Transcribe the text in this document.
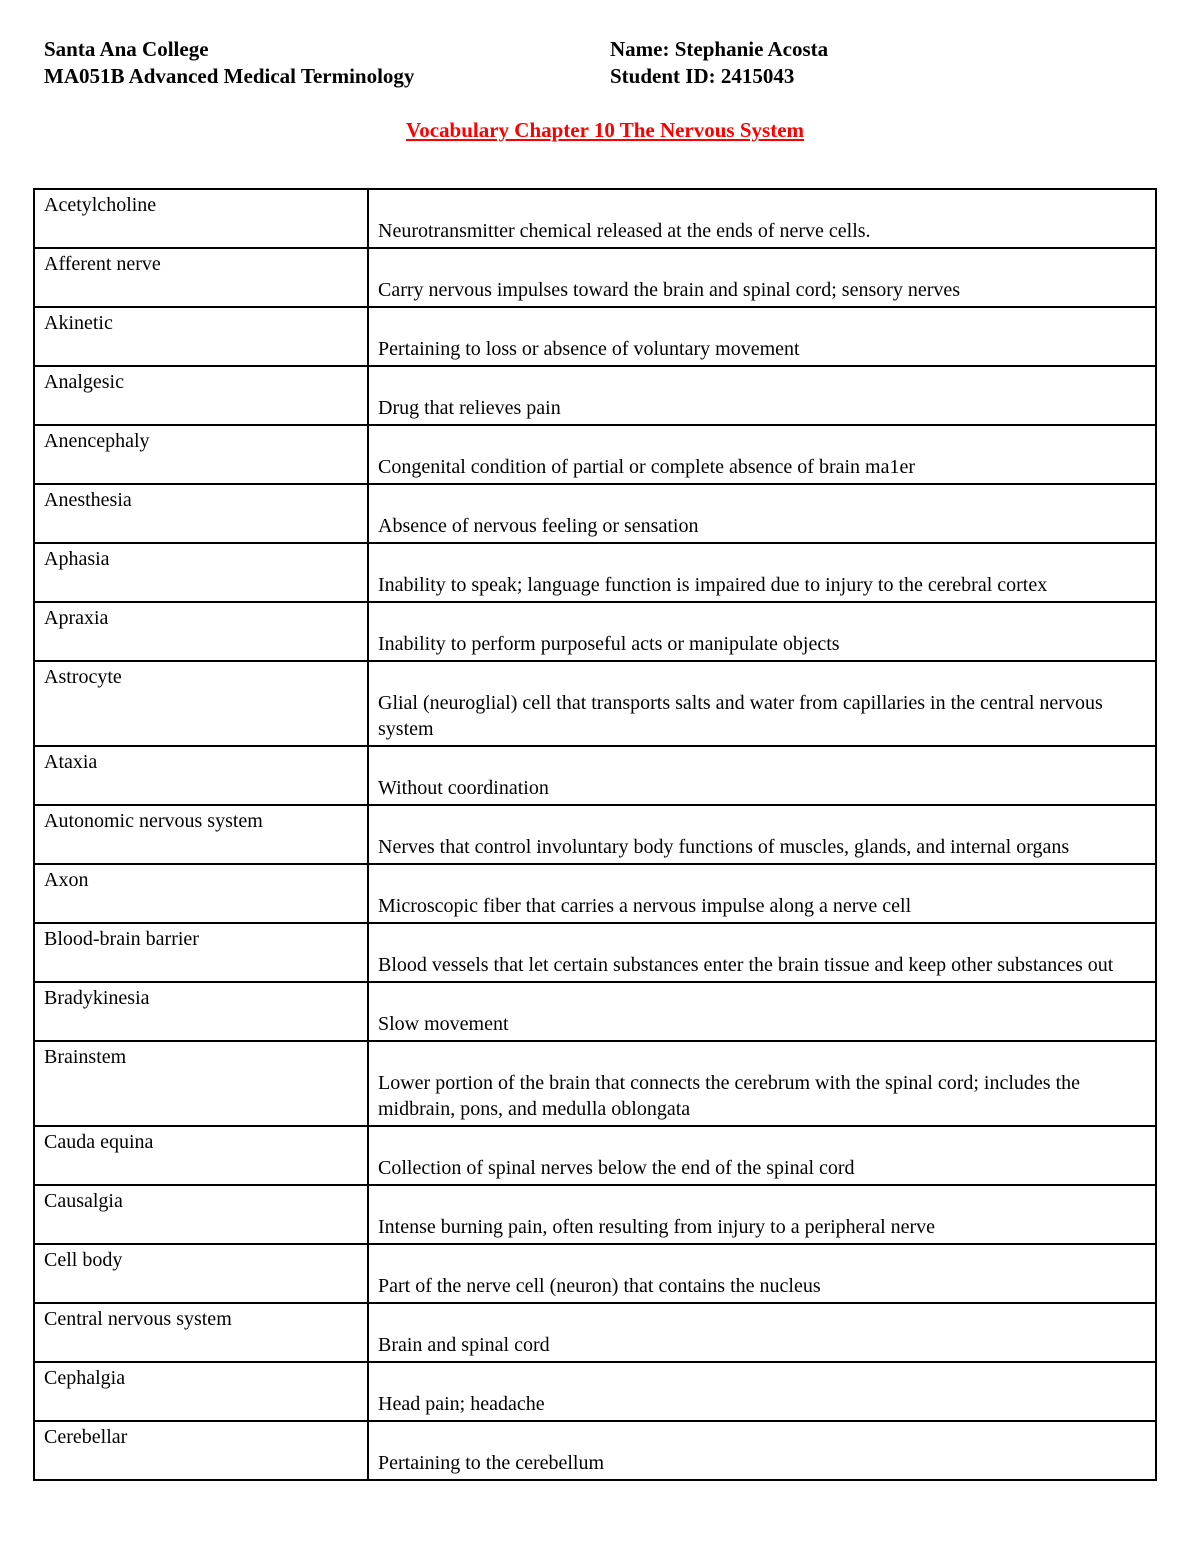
Santa Ana College
MA051B Advanced Medical Terminology
Name: Stephanie Acosta
Student ID: 2415043
Vocabulary Chapter 10 The Nervous System
Acetylcholine	Neurotransmitter chemical released at the ends of nerve cells.

Afferent nerve	Carry nervous impulses toward the brain and spinal cord; sensory nerves

Akinetic	Pertaining to loss or absence of voluntary movement

Analgesic	Drug that relieves pain

Anencephaly	Congenital condition of partial or complete absence of brain ma1er

Anesthesia	Absence of nervous feeling or sensation

Aphasia	Inability to speak; language function is impaired due to injury to the cerebral cortex

Apraxia	Inability to perform purposeful acts or manipulate objects

Astrocyte	Glial (neuroglial) cell that transports salts and water from capillaries in the central nervous system

Ataxia	Without coordination

Autonomic nervous system	Nerves that control involuntary body functions of muscles, glands, and internal organs

Axon	Microscopic fiber that carries a nervous impulse along a nerve cell

Blood-brain barrier	Blood vessels that let certain substances enter the brain tissue and keep other substances out

Bradykinesia	Slow movement

Brainstem	Lower portion of the brain that connects the cerebrum with the spinal cord; includes the midbrain, pons, and medulla oblongata

Cauda equina	Collection of spinal nerves below the end of the spinal cord

Causalgia	Intense burning pain, often resulting from injury to a peripheral nerve

Cell body	Part of the nerve cell (neuron) that contains the nucleus

Central nervous system	Brain and spinal cord

Cephalgia	Head pain; headache

Cerebellar	Pertaining to the cerebellum
